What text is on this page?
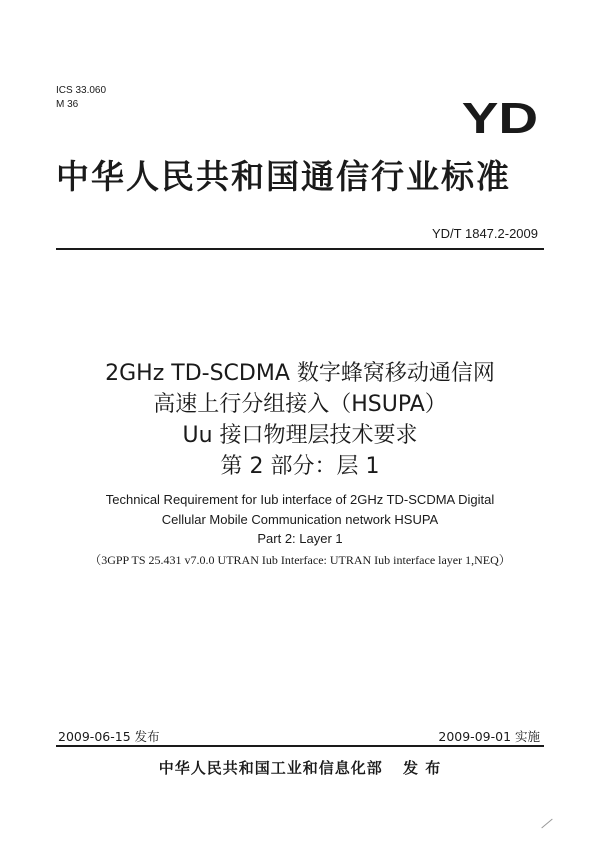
ICS 33.060
M 36	YD
中华人民共和国通信行业标准
YD/T 1847.2-2009
2GHz TD-SCDMA 数字蜂窝移动通信网
高速上行分组接入（HSUPA）
Uu 接口物理层技术要求
第 2 部分：层 1
Technical Requirement for Iub interface of 2GHz TD-SCDMA Digital
Cellular Mobile Communication network HSUPA
Part 2: Layer 1
（3GPP TS 25.431 v7.0.0 UTRAN Iub Interface: UTRAN Iub interface layer 1,NEQ）
2009-06-15 发布	2009-09-01 实施
中华人民共和国工业和信息化部 发 布
